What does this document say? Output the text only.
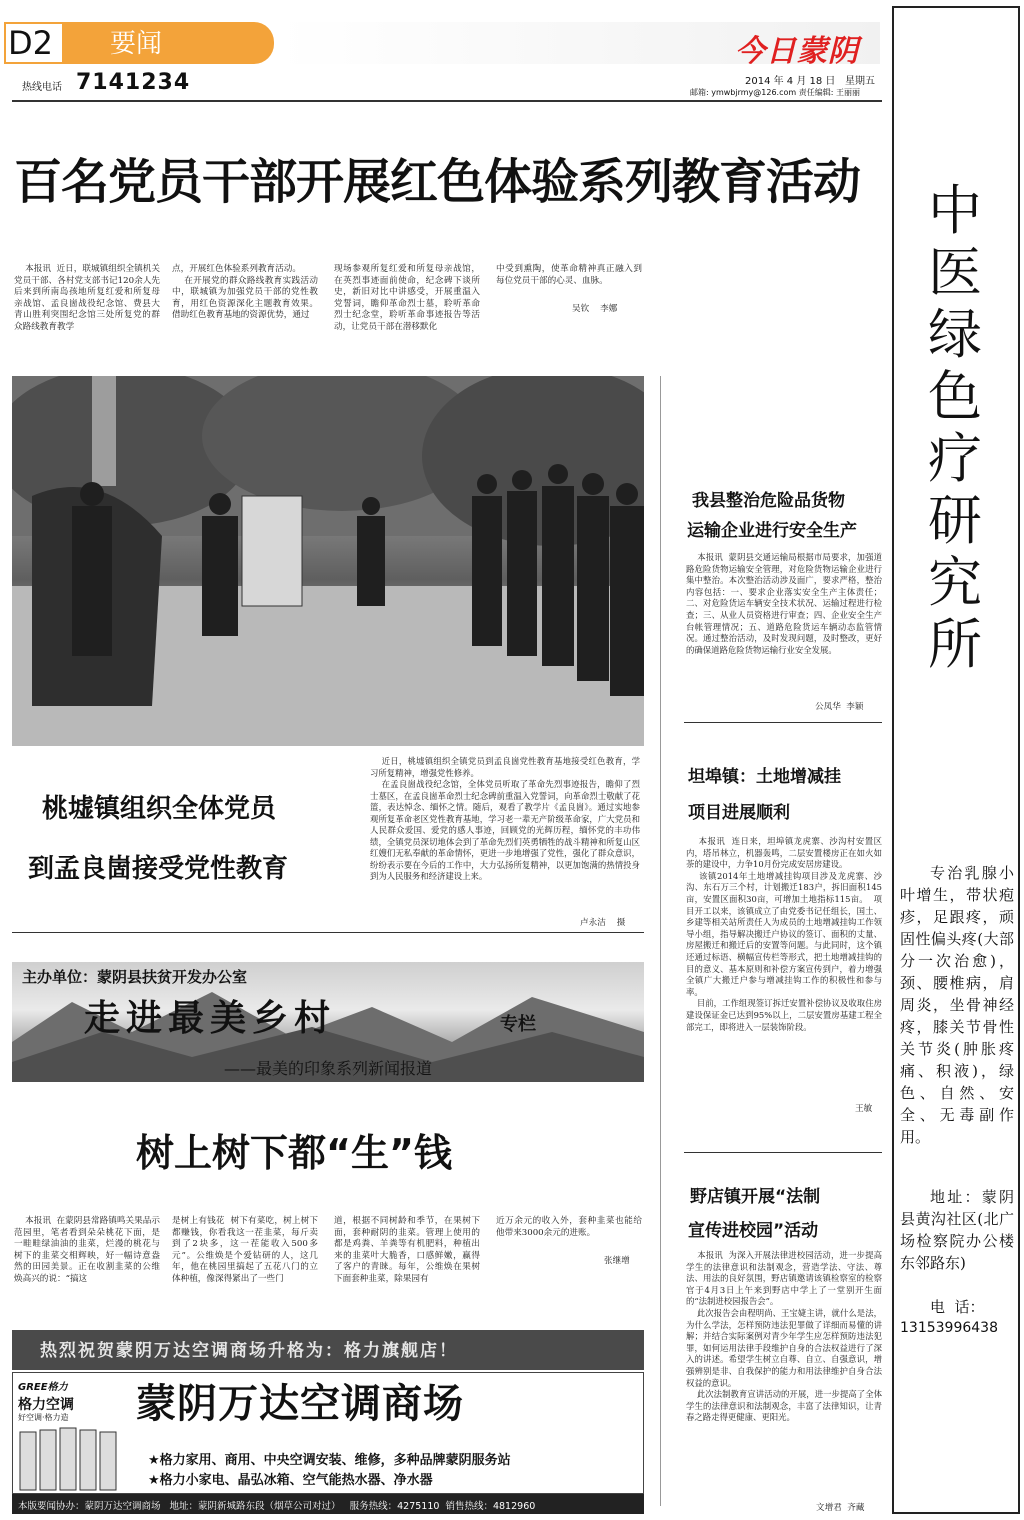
D2 要闻
热线电话 7141234
今日蒙阴
2014 年 4 月 18 日   星期五
邮箱: ymwbjrmy@126.com 责任编辑: 王丽丽
百名党员干部开展红色体验系列教育活动
本报讯  近日，联城镇组织全镇机关党员干部、各村党支部书记120余人先后来到所南岛孩地所复红爱和所复母亲战馆、孟良崮战役纪念馆、费县大青山胜利突围纪念馆三处所复党的群众路线教育教学
点，开展红色体验系列教育活动。
在开展党的群众路线教育实践活动中，联城镇为加强党员干部的党性教育，用红色资源深化主题教育效果。借助红色教育基地的资源优势，通过
现场参观所复红爱和所复母亲战馆，在英烈事迹面前使命，纪念碑下谈所史，新旧对比中讲感受，开展重温入党誓词，瞻仰革命烈士墓，聆听革命烈士纪念堂，聆听革命事迹报告等活动，让党员干部在潜移默化
中受到熏陶，使革命精神真正融入到每位党员干部的心灵、血脉。
吴钦    李娜
桃墟镇组织全体党员
到孟良崮接受党性教育
近日，桃墟镇组织全镇党员到孟良崮党性教育基地接受红色教育，学习所复精神，增强党性修养。
在孟良崮战役纪念馆，全体党员听取了革命先烈事迹报告，瞻仰了烈士墓区，在孟良崮革命烈士纪念碑前重温入党誓词，向革命烈士敬献了花篮，表达悼念、缅怀之情。随后，观看了教学片《孟良崮》。通过实地参观所复革命老区党性教育基地，学习老一辈无产阶级革命家，广大党员和人民群众爱国、爱党的感人事迹，回顾党的光辉历程，缅怀党的丰功伟绩，全镇党员深切地体会到了革命先烈们英勇牺牲的战斗精神和所复山区红嫂们无私奉献的革命情怀，更进一步地增强了党性，强化了群众意识，纷纷表示要在今后的工作中，大力弘扬所复精神，以更加饱满的热情投身到为人民服务和经济建设上来。
卢永洁    摄
我县整治危险品货物
运输企业进行安全生产
本报讯  蒙阴县交通运输局根据市局要求，加强道路危险货物运输安全管理，对危险货物运输企业进行集中整治。本次整治活动涉及面广，要求严格，整治内容包括：一、要求企业落实安全生产主体责任；二、对危险货运车辆安全技术状况、运输过程进行检查；三、从业人员资格进行审查；四、企业安全生产台帐管理情况；五、道路危险货运车辆动态监管情况。通过整治活动，及时发现问题，及时整改，更好的确保道路危险货物运输行业安全发展。
公凤华  李颖
坦埠镇：土地增减挂
项目进展顺利
本报讯  连日来，坦埠镇龙虎寨、沙沟村安置区内，塔吊林立，机器轰鸣，二层安置楼房正在如火如荼的建设中，力争10月份完成安居房建设。
该镇2014年土地增减挂钩项目涉及龙虎寨、沙沟、东石万三个村，计划搬迁183户，拆旧面积145亩，安置区面积30亩，可增加土地指标115亩。  项目开工以来，该镇成立了由党委书记任组长，国土、乡建等相关站所责任人为成员的土地增减挂钩工作领导小组，指导解决搬迁户协议的签订、面积的丈量、房屋搬迁和搬迁后的安置等问题。与此同时，这个镇还通过标语、横幅宣传栏等形式，把土地增减挂钩的目的意义、基本原则和补偿方案宣传到户，着力增强全镇广大搬迁户参与增减挂钩工作的积极性和参与率。
目前，工作组现签订拆迁安置补偿协议及收取住房建设保证金已达到95%以上，二层安置房基建工程全部完工，即将进入一层装饰阶段。
王敏
野店镇开展“法制
宣传进校园”活动
本报讯  为深入开展法律进校园活动，进一步提高学生的法律意识和法制观念，营造学法、守法、尊法、用法的良好氛围，野店镇邀请该镇检察室的检察官于4月3日上午来到野店中学上了一堂别开生面的“法制进校园报告会”。
此次报告会由程明尚、王宝婕主讲，就什么是法，为什么学法，怎样预防违法犯罪做了详细而易懂的讲解；并结合实际案例对青少年学生应怎样预防违法犯罪，如何运用法律手段维护自身的合法权益进行了深入的讲述。希望学生树立自尊、自立、自强意识，增强辨别是非、自我保护的能力和用法律维护自身合法权益的意识。
此次法制教育宣讲活动的开展，进一步提高了全体学生的法律意识和法制观念，丰富了法律知识，让青春之路走得更健康、更阳光。
文增君  齐藏
主办单位：蒙阴县扶贫开发办公室
走进最美乡村	专栏
——最美的印象系列新闻报道
树上树下都“生”钱
本报讯  在蒙阴县常路镇鸣关果品示范园里，笔者看到朵朵桃花下面，是一畦畦绿油油的韭菜，烂漫的桃花与树下的韭菜交相辉映，好一幅诗意盎然的田园美景。正在收割韭菜的公维焕高兴的说：“搞这
是树上有钱花  树下有菜吃，树上树下都赚钱，你看我这一茬韭菜，每斤卖到了2块多，这一茬能收入500多元”。公维焕是个爱钻研的人，这几年，他在桃园里搞起了五花八门的立体种植，像深得紧出了一些门
道，根据不同树龄和季节，在果树下面，套种耐阴的韭菜。管理上使用的都是鸡粪、羊粪等有机肥料，种植出来的韭菜叶大脆香，口感鲜嫩，赢得了客户的青睐。每年，公维焕在果树下面套种韭菜，除果园有
近万余元的收入外，套种韭菜也能给他带来3000余元的进账。
张继增
热烈祝贺蒙阴万达空调商场升格为：格力旗舰店！
GREE格力
格力空调
好空调·格力造 蒙阴万达空调商场
★格力家用、商用、中央空调安装、维修，多种品牌蒙阴服务站
★格力小家电、晶弘冰箱、空气能热水器、净水器
本版要闻协办：蒙阴万达空调商场   地址：蒙阴新城路东段（烟草公司对过）   服务热线：4275110  销售热线：4812960
中医绿色疗研究所
专治乳腺小叶增生，带状疱疹，足跟疼，顽固性偏头疼(大部分一次治愈)，颈、腰椎病，肩周炎，坐骨神经疼，膝关节骨性关节炎(肿胀疼痛、积液)，绿色、自然、安全、无毒副作用。
地址：蒙阴县黄沟社区(北广场检察院办公楼东邻路东)
电  话：
13153996438
